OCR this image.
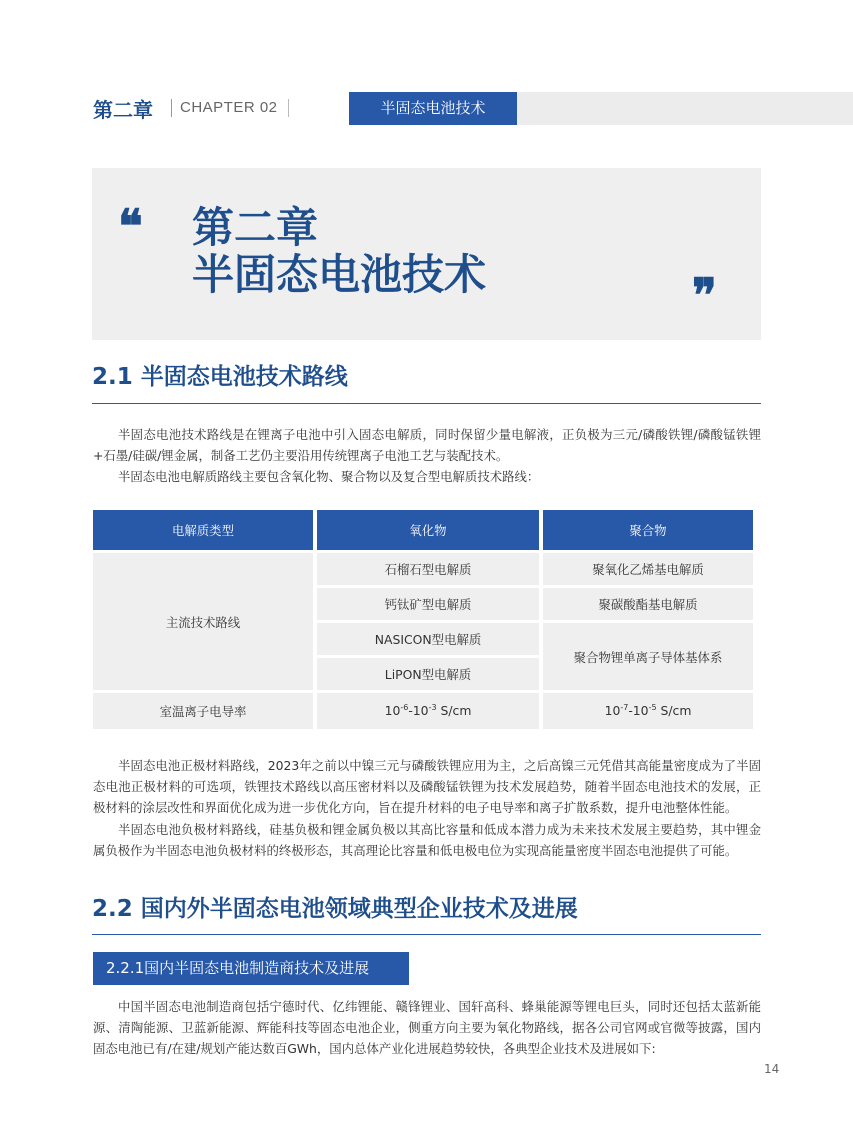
第二章 CHAPTER 02	半固态电池技术
❝ 第二章
半固态电池技术	❞
2.1 半固态电池技术路线

半固态电池技术路线是在锂离子电池中引入固态电解质，同时保留少量电解液，正负极为三元/磷酸铁锂/磷酸锰铁锂+石墨/硅碳/锂金属，制备工艺仍主要沿用传统锂离子电池工艺与装配技术。

半固态电池电解质路线主要包含氧化物、聚合物以及复合型电解质技术路线：

电解质类型	氧化物	聚合物
主流技术路线	石榴石型电解质	聚氧化乙烯基电解质
	钙钛矿型电解质	聚碳酸酯基电解质
	NASICON型电解质	聚合物锂单离子导体基体系
	LiPON型电解质	
室温离子电导率	$10^{-6}-10^{-3}$ S/cm	$10^{-7}-10^{-5}$ S/cm

半固态电池正极材料路线，2023年之前以中镍三元与磷酸铁锂应用为主，之后高镍三元凭借其高能量密度成为了半固态电池正极材料的可选项，铁锂技术路线以高压密材料以及磷酸锰铁锂为技术发展趋势，随着半固态电池技术的发展，正极材料的涂层改性和界面优化成为进一步优化方向，旨在提升材料的电子电导率和离子扩散系数，提升电池整体性能。

半固态电池负极材料路线，硅基负极和锂金属负极以其高比容量和低成本潜力成为未来技术发展主要趋势，其中锂金属负极作为半固态电池负极材料的终极形态，其高理论比容量和低电极电位为实现高能量密度半固态电池提供了可能。

2.2 国内外半固态电池领域典型企业技术及进展
2.2.1国内半固态电池制造商技术及进展

中国半固态电池制造商包括宁德时代、亿纬锂能、赣锋锂业、国轩高科、蜂巢能源等锂电巨头，同时还包括太蓝新能源、清陶能源、卫蓝新能源、辉能科技等固态电池企业，侧重方向主要为氧化物路线，据各公司官网或官微等披露，国内固态电池已有/在建/规划产能达数百GWh，国内总体产业化进展趋势较快，各典型企业技术及进展如下:

14
